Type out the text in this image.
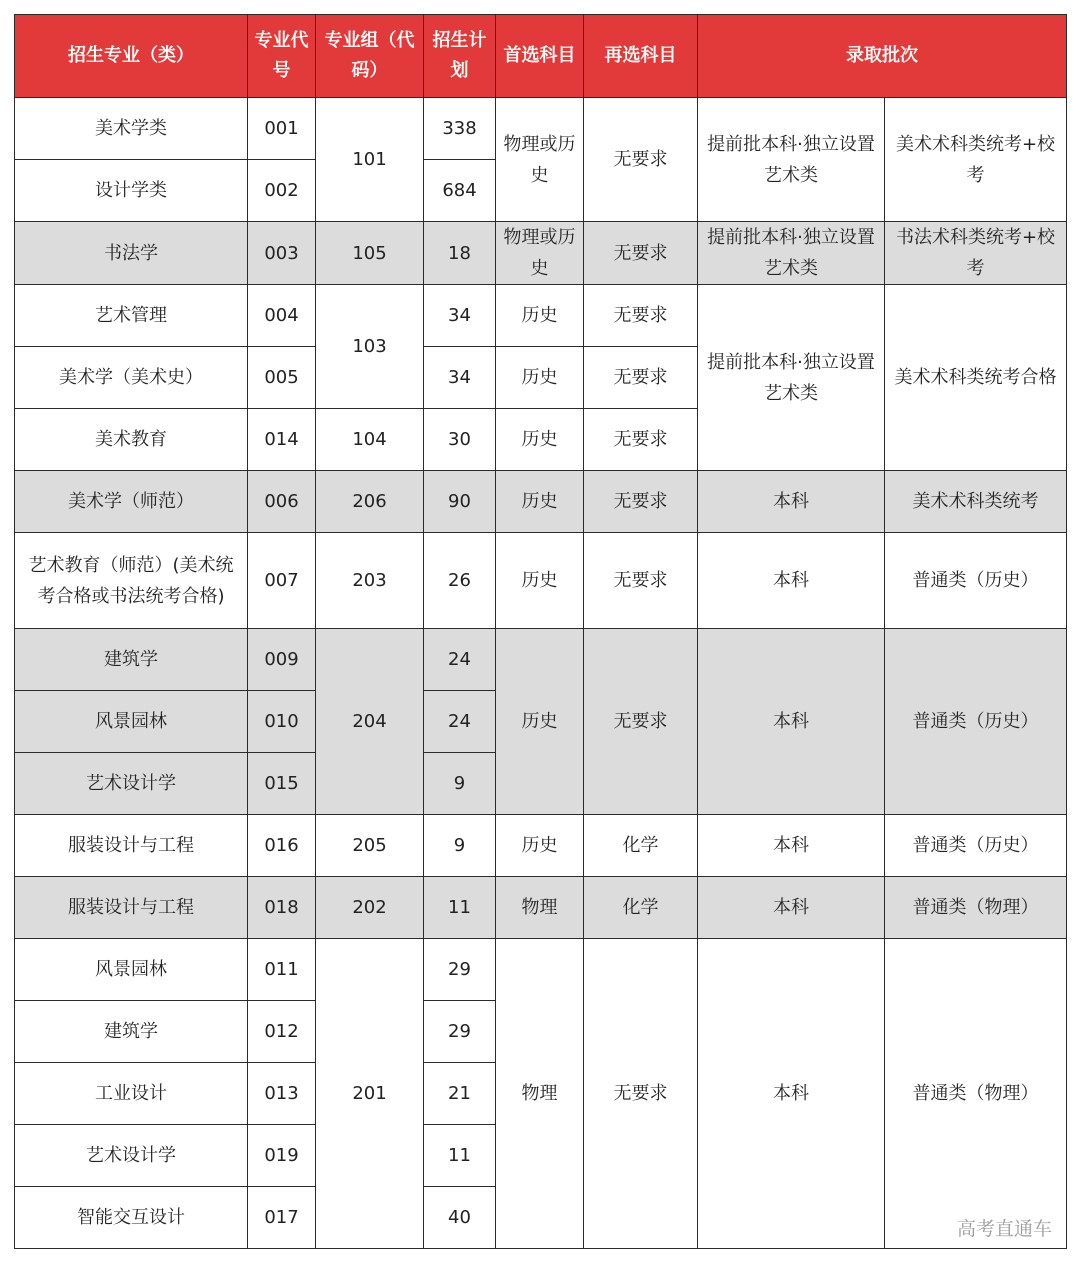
招生专业（类）	专业代号	专业组（代码）	招生计划	首选科目	再选科目	录取批次	
美术学类	001	101	338	物理或历史	无要求	提前批本科·独立设置艺术类	美术术科类统考+校考
设计学类	002		684				
书法学	003	105	18	物理或历史	无要求	提前批本科·独立设置艺术类	书法术科类统考+校考
艺术管理	004	103	34	历史	无要求	提前批本科·独立设置艺术类	美术术科类统考合格
美术学（美术史）	005		34	历史	无要求		
美术教育	014	104	30	历史	无要求		
美术学（师范）	006	206	90	历史	无要求	本科	美术术科类统考
艺术教育（师范）(美术统考合格或书法统考合格)	007	203	26	历史	无要求	本科	普通类（历史）
建筑学	009	204	24	历史	无要求	本科	普通类（历史）
风景园林	010		24				
艺术设计学	015		9				
服装设计与工程	016	205	9	历史	化学	本科	普通类（历史）
服装设计与工程	018	202	11	物理	化学	本科	普通类（物理）
风景园林	011	201	29	物理	无要求	本科	普通类（物理）
建筑学	012		29				
工业设计	013		21				
艺术设计学	019		11				
智能交互设计	017		40				
高考直通车
